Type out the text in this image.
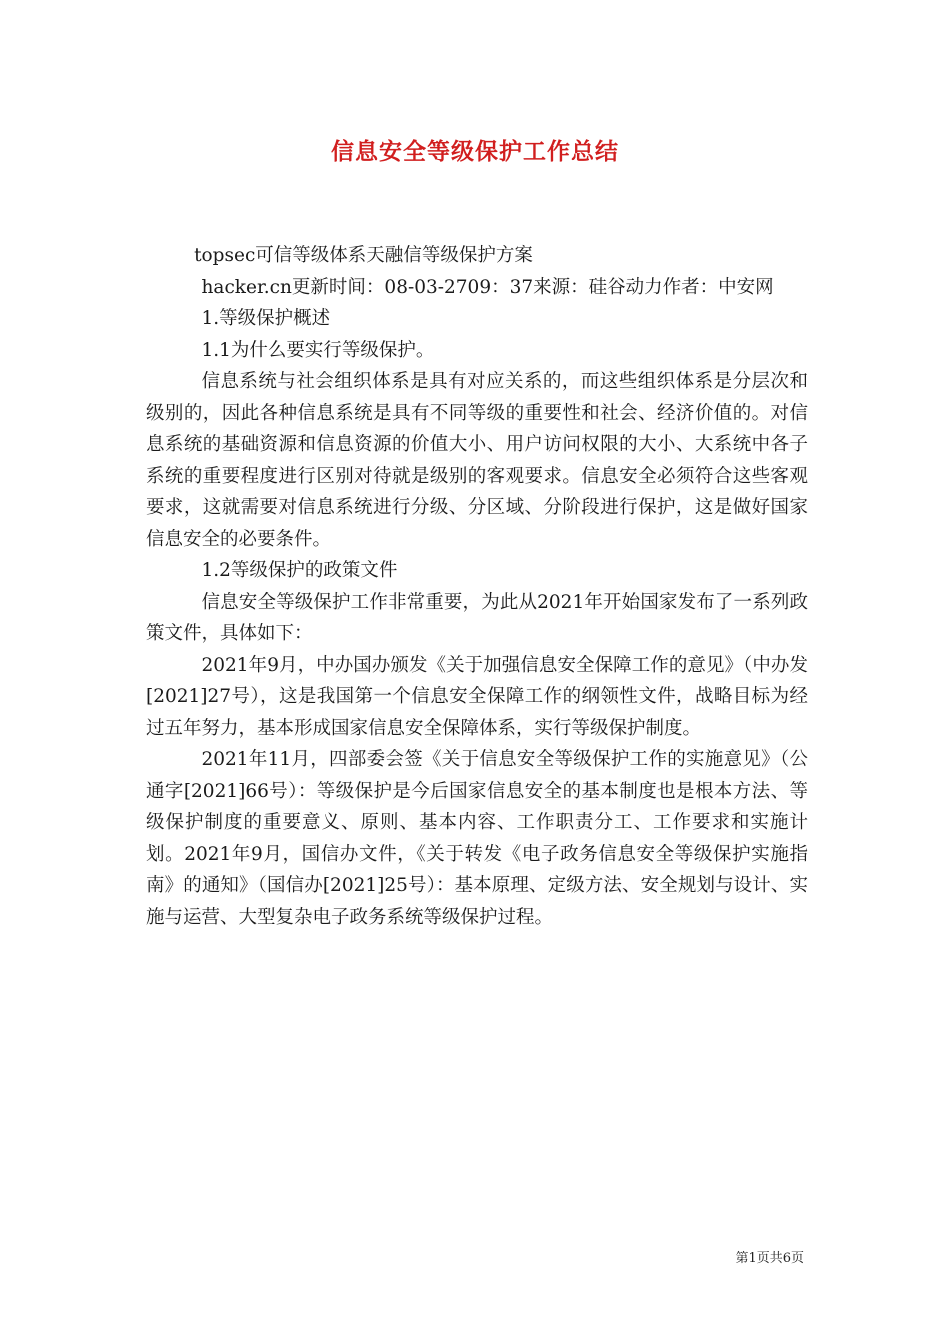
信息安全等级保护工作总结

topsec可信等级体系天融信等级保护方案

hacker.cn更新时间：08-03-2709：37来源：硅谷动力作者：中安网

1.等级保护概述

1.1为什么要实行等级保护。

信息系统与社会组织体系是具有对应关系的，而这些组织体系是分层次和级别的，因此各种信息系统是具有不同等级的重要性和社会、经济价值的。对信息系统的基础资源和信息资源的价值大小、用户访问权限的大小、大系统中各子系统的重要程度进行区别对待就是级别的客观要求。信息安全必须符合这些客观要求，这就需要对信息系统进行分级、分区域、分阶段进行保护，这是做好国家信息安全的必要条件。

1.2等级保护的政策文件

信息安全等级保护工作非常重要，为此从2021年开始国家发布了一系列政策文件，具体如下：

2021年9月，中办国办颁发《关于加强信息安全保障工作的意见》（中办发[2021]27号），这是我国第一个信息安全保障工作的纲领性文件，战略目标为经过五年努力，基本形成国家信息安全保障体系，实行等级保护制度。

2021年11月，四部委会签《关于信息安全等级保护工作的实施意见》（公通字[2021]66号）：等级保护是今后国家信息安全的基本制度也是根本方法、等级保护制度的重要意义、原则、基本内容、工作职责分工、工作要求和实施计划。2021年9月，国信办文件，《关于转发《电子政务信息安全等级保护实施指南》的通知》（国信办[2021]25号）：基本原理、定级方法、安全规划与设计、实施与运营、大型复杂电子政务系统等级保护过程。

第1页共6页
